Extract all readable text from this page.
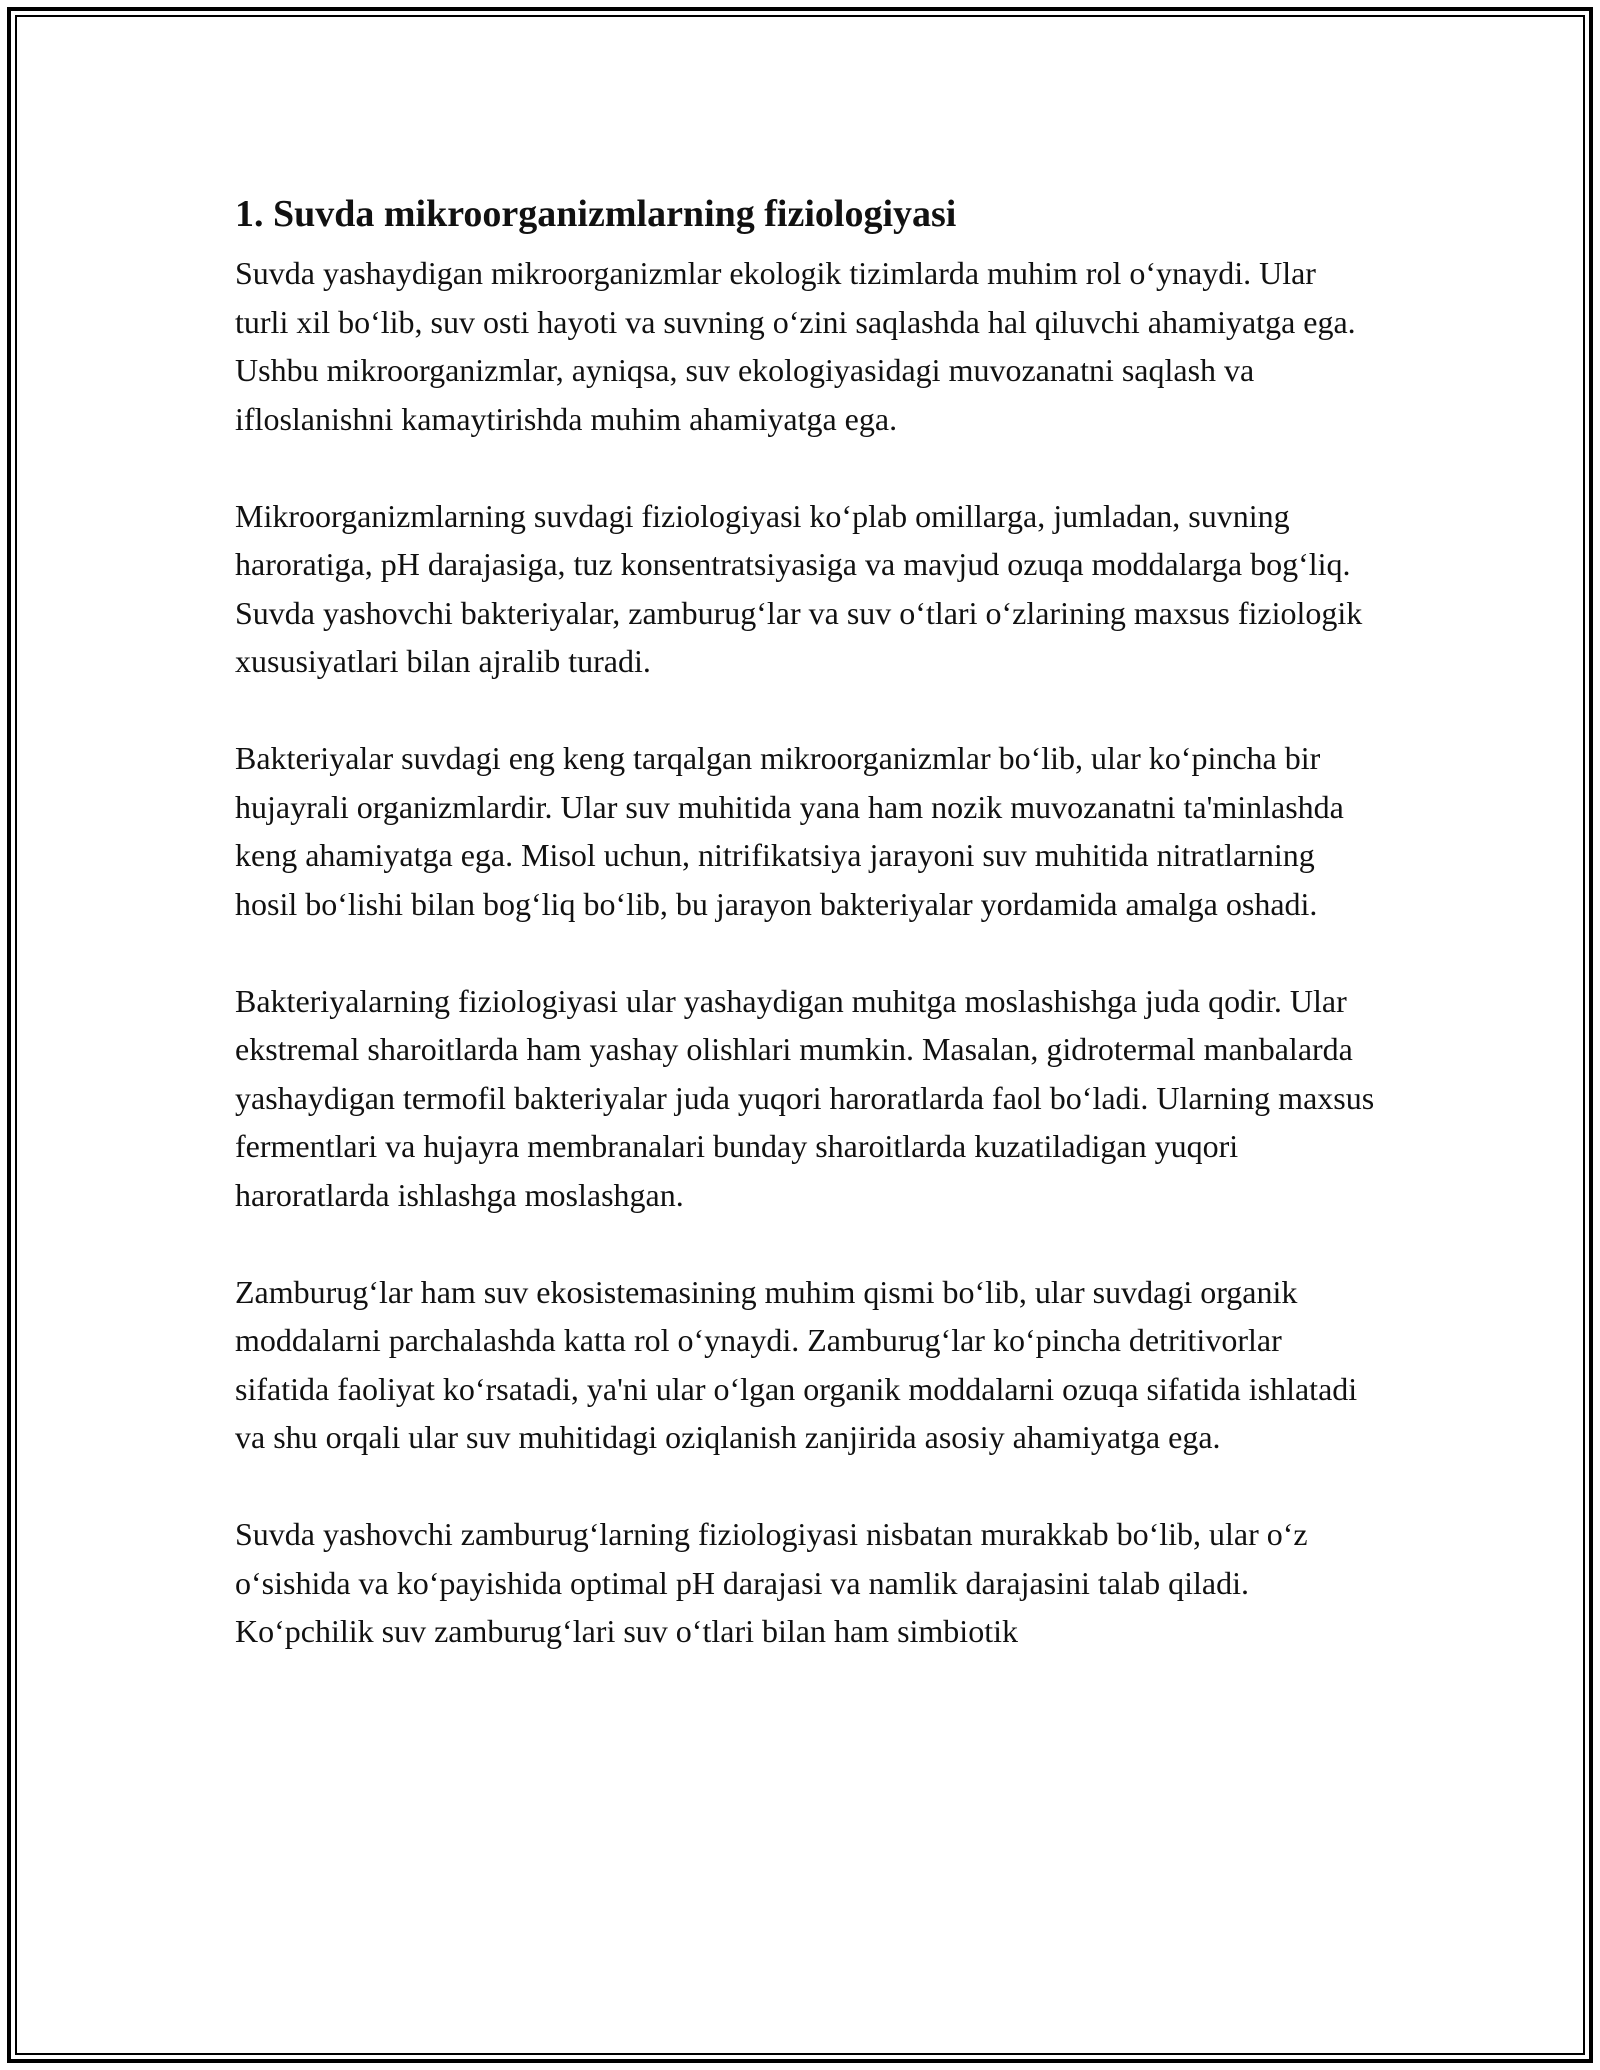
1. Suvda mikroorganizmlarning fiziologiyasi

Suvda yashaydigan mikroorganizmlar ekologik tizimlarda muhim rol o‘ynaydi. Ular turli xil bo‘lib, suv osti hayoti va suvning o‘zini saqlashda hal qiluvchi ahamiyatga ega. Ushbu mikroorganizmlar, ayniqsa, suv ekologiyasidagi muvozanatni saqlash va ifloslanishni kamaytirishda muhim ahamiyatga ega.

Mikroorganizmlarning suvdagi fiziologiyasi ko‘plab omillarga, jumladan, suvning haroratiga, pH darajasiga, tuz konsentratsiyasiga va mavjud ozuqa moddalarga bog‘liq. Suvda yashovchi bakteriyalar, zamburug‘lar va suv o‘tlari o‘zlarining maxsus fiziologik xususiyatlari bilan ajralib turadi.

Bakteriyalar suvdagi eng keng tarqalgan mikroorganizmlar bo‘lib, ular ko‘pincha bir hujayrali organizmlardir. Ular suv muhitida yana ham nozik muvozanatni ta'minlashda keng ahamiyatga ega. Misol uchun, nitrifikatsiya jarayoni suv muhitida nitratlarning hosil bo‘lishi bilan bog‘liq bo‘lib, bu jarayon bakteriyalar yordamida amalga oshadi.

Bakteriyalarning fiziologiyasi ular yashaydigan muhitga moslashishga juda qodir. Ular ekstremal sharoitlarda ham yashay olishlari mumkin. Masalan, gidrotermal manbalarda yashaydigan termofil bakteriyalar juda yuqori haroratlarda faol bo‘ladi. Ularning maxsus fermentlari va hujayra membranalari bunday sharoitlarda kuzatiladigan yuqori haroratlarda ishlashga moslashgan.

Zamburug‘lar ham suv ekosistemasining muhim qismi bo‘lib, ular suvdagi organik moddalarni parchalashda katta rol o‘ynaydi. Zamburug‘lar ko‘pincha detritivorlar sifatida faoliyat ko‘rsatadi, ya'ni ular o‘lgan organik moddalarni ozuqa sifatida ishlatadi va shu orqali ular suv muhitidagi oziqlanish zanjirida asosiy ahamiyatga ega.

Suvda yashovchi zamburug‘larning fiziologiyasi nisbatan murakkab bo‘lib, ular o‘z o‘sishida va ko‘payishida optimal pH darajasi va namlik darajasini talab qiladi. Ko‘pchilik suv zamburug‘lari suv o‘tlari bilan ham simbiotik
